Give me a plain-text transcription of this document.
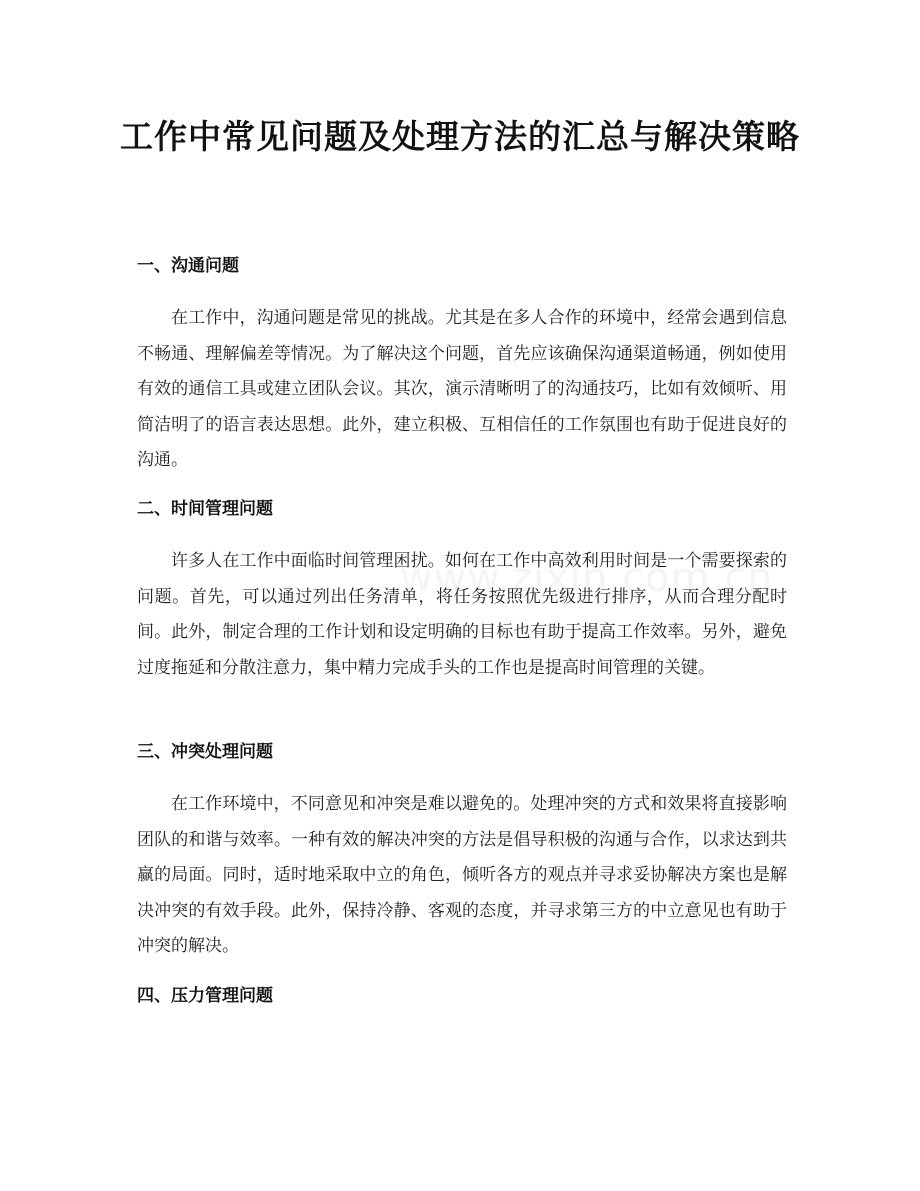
工作中常见问题及处理方法的汇总与解决策略
一、沟通问题

在工作中，沟通问题是常见的挑战。尤其是在多人合作的环境中，经常会遇到信息不畅通、理解偏差等情况。为了解决这个问题，首先应该确保沟通渠道畅通，例如使用有效的通信工具或建立团队会议。其次，演示清晰明了的沟通技巧，比如有效倾听、用简洁明了的语言表达思想。此外，建立积极、互相信任的工作氛围也有助于促进良好的沟通。

二、时间管理问题

许多人在工作中面临时间管理困扰。如何在工作中高效利用时间是一个需要探索的问题。首先，可以通过列出任务清单，将任务按照优先级进行排序，从而合理分配时间。此外，制定合理的工作计划和设定明确的目标也有助于提高工作效率。另外，避免过度拖延和分散注意力，集中精力完成手头的工作也是提高时间管理的关键。

三、冲突处理问题

在工作环境中，不同意见和冲突是难以避免的。处理冲突的方式和效果将直接影响团队的和谐与效率。一种有效的解决冲突的方法是倡导积极的沟通与合作，以求达到共赢的局面。同时，适时地采取中立的角色，倾听各方的观点并寻求妥协解决方案也是解决冲突的有效手段。此外，保持冷静、客观的态度，并寻求第三方的中立意见也有助于冲突的解决。

四、压力管理问题
